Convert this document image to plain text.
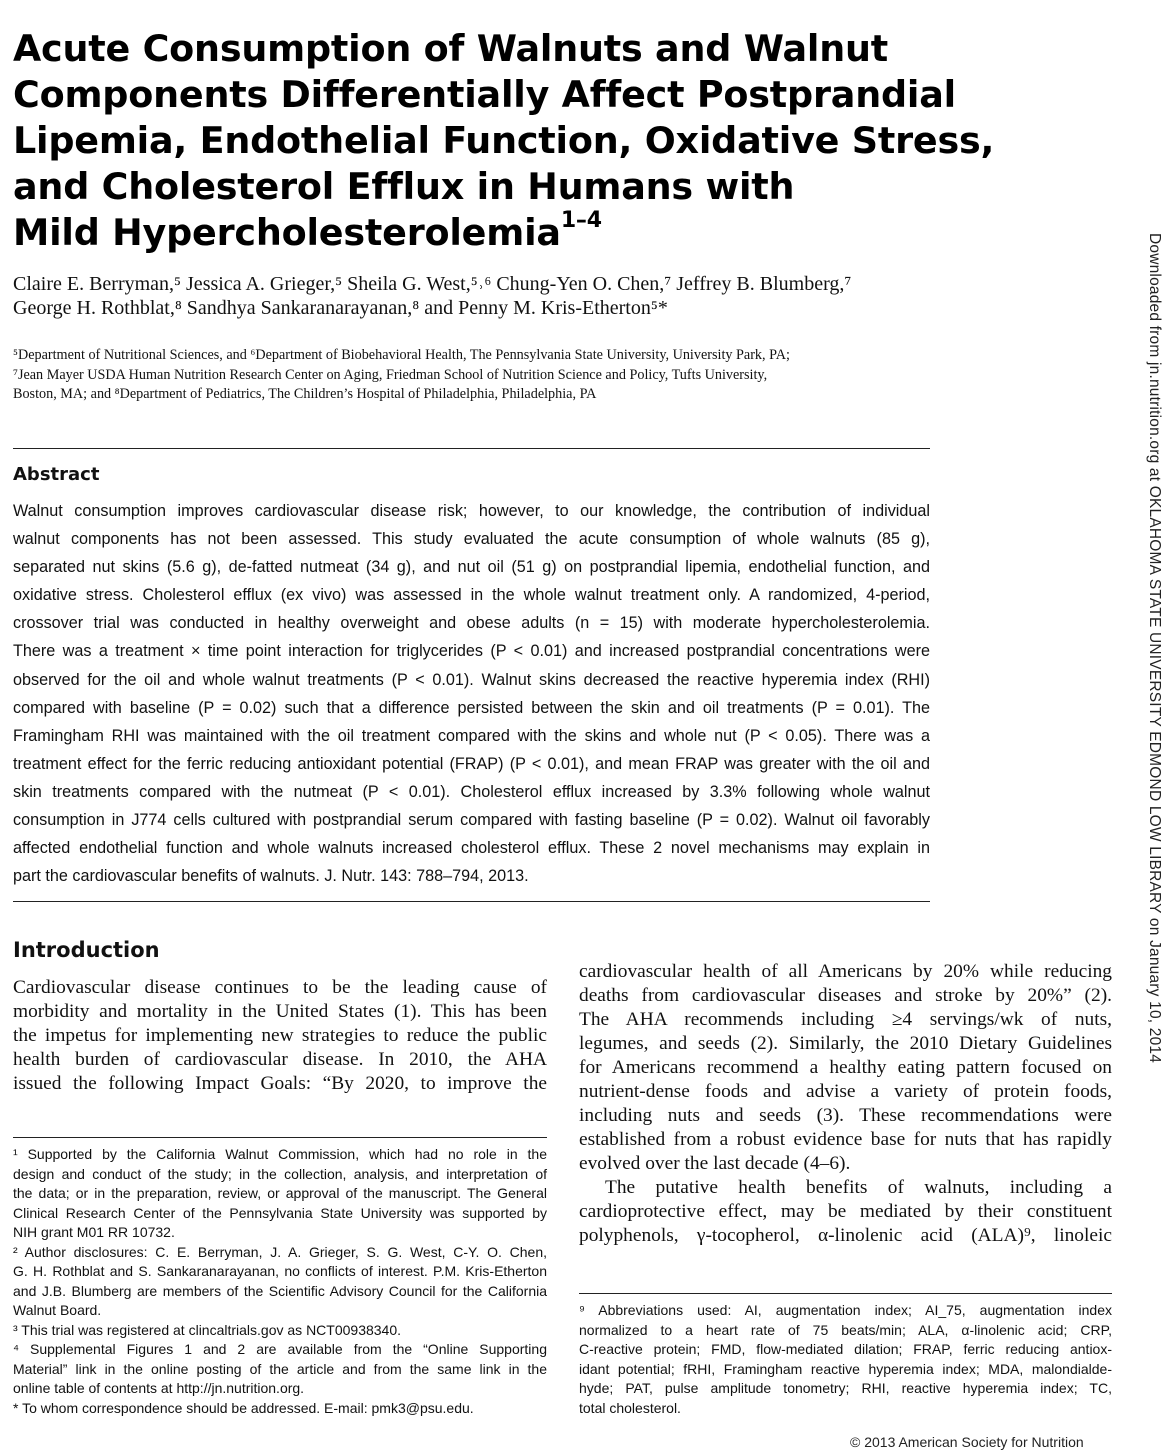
Acute Consumption of Walnuts and Walnut
Components Differentially Affect Postprandial
Lipemia, Endothelial Function, Oxidative Stress,
and Cholesterol Efflux in Humans with
Mild Hypercholesterolemia$^{1-4}$
Claire E. Berryman,⁵ Jessica A. Grieger,⁵ Sheila G. West,⁵˒⁶ Chung-Yen O. Chen,⁷ Jeffrey B. Blumberg,⁷
George H. Rothblat,⁸ Sandhya Sankaranarayanan,⁸ and Penny M. Kris-Etherton⁵*
⁵Department of Nutritional Sciences, and ⁶Department of Biobehavioral Health, The Pennsylvania State University, University Park, PA;
⁷Jean Mayer USDA Human Nutrition Research Center on Aging, Friedman School of Nutrition Science and Policy, Tufts University,
Boston, MA; and ⁸Department of Pediatrics, The Children’s Hospital of Philadelphia, Philadelphia, PA
Abstract
Walnut consumption improves cardiovascular disease risk; however, to our knowledge, the contribution of individual
walnut components has not been assessed. This study evaluated the acute consumption of whole walnuts (85 g),
separated nut skins (5.6 g), de-fatted nutmeat (34 g), and nut oil (51 g) on postprandial lipemia, endothelial function, and
oxidative stress. Cholesterol efflux (ex vivo) was assessed in the whole walnut treatment only. A randomized, 4-period,
crossover trial was conducted in healthy overweight and obese adults (n = 15) with moderate hypercholesterolemia.
There was a treatment × time point interaction for triglycerides (P < 0.01) and increased postprandial concentrations were
observed for the oil and whole walnut treatments (P < 0.01). Walnut skins decreased the reactive hyperemia index (RHI)
compared with baseline (P = 0.02) such that a difference persisted between the skin and oil treatments (P = 0.01). The
Framingham RHI was maintained with the oil treatment compared with the skins and whole nut (P < 0.05). There was a
treatment effect for the ferric reducing antioxidant potential (FRAP) (P < 0.01), and mean FRAP was greater with the oil and
skin treatments compared with the nutmeat (P < 0.01). Cholesterol efflux increased by 3.3% following whole walnut
consumption in J774 cells cultured with postprandial serum compared with fasting baseline (P = 0.02). Walnut oil favorably
affected endothelial function and whole walnuts increased cholesterol efflux. These 2 novel mechanisms may explain in
part the cardiovascular benefits of walnuts. J. Nutr. 143: 788–794, 2013.
Introduction
Cardiovascular disease continues to be the leading cause of
morbidity and mortality in the United States (1). This has been
the impetus for implementing new strategies to reduce the public
health burden of cardiovascular disease. In 2010, the AHA
issued the following Impact Goals: “By 2020, to improve the
cardiovascular health of all Americans by 20% while reducing
deaths from cardiovascular diseases and stroke by 20%” (2).
The AHA recommends including ≥4 servings/wk of nuts,
legumes, and seeds (2). Similarly, the 2010 Dietary Guidelines
for Americans recommend a healthy eating pattern focused on
nutrient-dense foods and advise a variety of protein foods,
including nuts and seeds (3). These recommendations were
established from a robust evidence base for nuts that has rapidly
evolved over the last decade (4–6).
The putative health benefits of walnuts, including a
cardioprotective effect, may be mediated by their constituent
polyphenols, γ-tocopherol, α-linolenic acid (ALA)⁹, linoleic
¹ Supported by the California Walnut Commission, which had no role in the
design and conduct of the study; in the collection, analysis, and interpretation of
the data; or in the preparation, review, or approval of the manuscript. The General
Clinical Research Center of the Pennsylvania State University was supported by
NIH grant M01 RR 10732.
² Author disclosures: C. E. Berryman, J. A. Grieger, S. G. West, C-Y. O. Chen,
G. H. Rothblat and S. Sankaranarayanan, no conflicts of interest. P.M. Kris-Etherton
and J.B. Blumberg are members of the Scientific Advisory Council for the California
Walnut Board.
³ This trial was registered at clincaltrials.gov as NCT00938340.
⁴ Supplemental Figures 1 and 2 are available from the “Online Supporting
Material” link in the online posting of the article and from the same link in the
online table of contents at http://jn.nutrition.org.
* To whom correspondence should be addressed. E-mail: pmk3@psu.edu.
⁹ Abbreviations used: AI, augmentation index; AI_75, augmentation index
normalized to a heart rate of 75 beats/min; ALA, α-linolenic acid; CRP,
C-reactive protein; FMD, flow-mediated dilation; FRAP, ferric reducing antiox-
idant potential; fRHI, Framingham reactive hyperemia index; MDA, malondialde-
hyde; PAT, pulse amplitude tonometry; RHI, reactive hyperemia index; TC,
total cholesterol.
Downloaded from jn.nutrition.org at OKLAHOMA STATE UNIVERSITY EDMOND LOW LIBRARY on January 10, 2014
© 2013 American Society for Nutrition
